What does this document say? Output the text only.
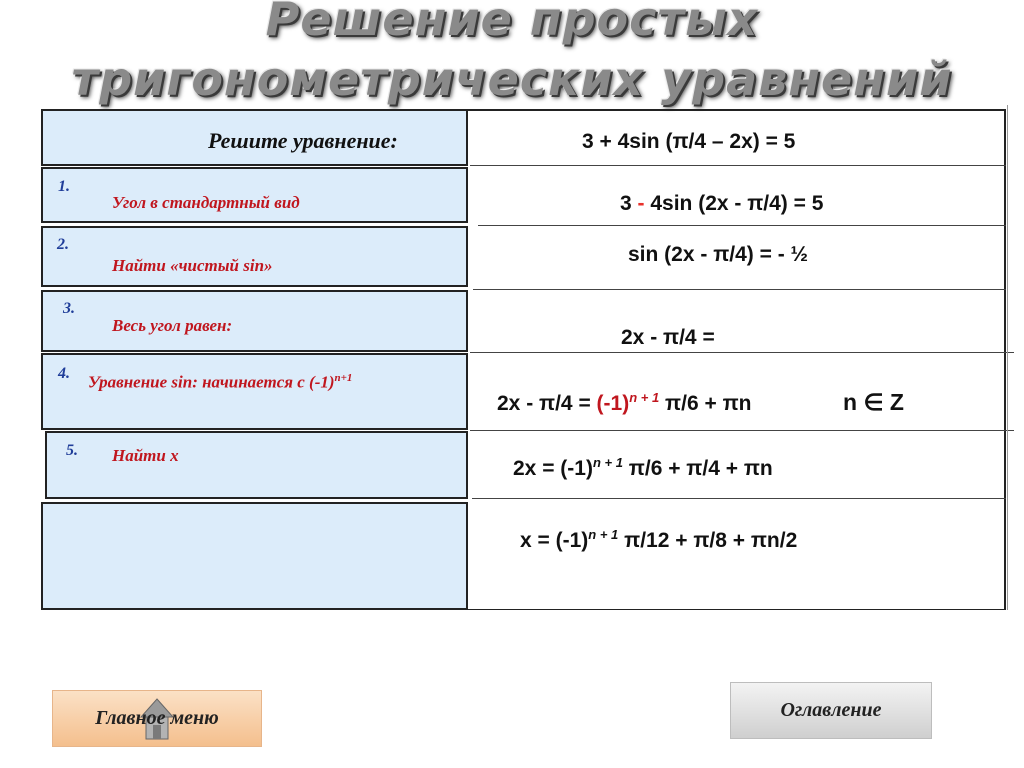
Решение простых
тригонометрических уравнений
Решите уравнение:
1.
Угол в стандартный вид
2.
Найти «чистый sin»
3.
Весь угол равен:
4. Уравнение sin: начинается с $(-1)^{n+1}$
5. Найти x
3 + 4sin (π/4 – 2x) = 5
3 - 4sin (2x - π/4) = 5
sin (2x - π/4) = - ½
2x - π/4 =
$2x - \pi/4 = (-1)^{n + 1}$ π/6 + πn	n ∈ Z
$2x = (-1)^{n + 1}$ π/6 + π/4 + πn
$x = (-1)^{n + 1}$ π/12 + π/8 + πn/2
Главное меню	Оглавление
